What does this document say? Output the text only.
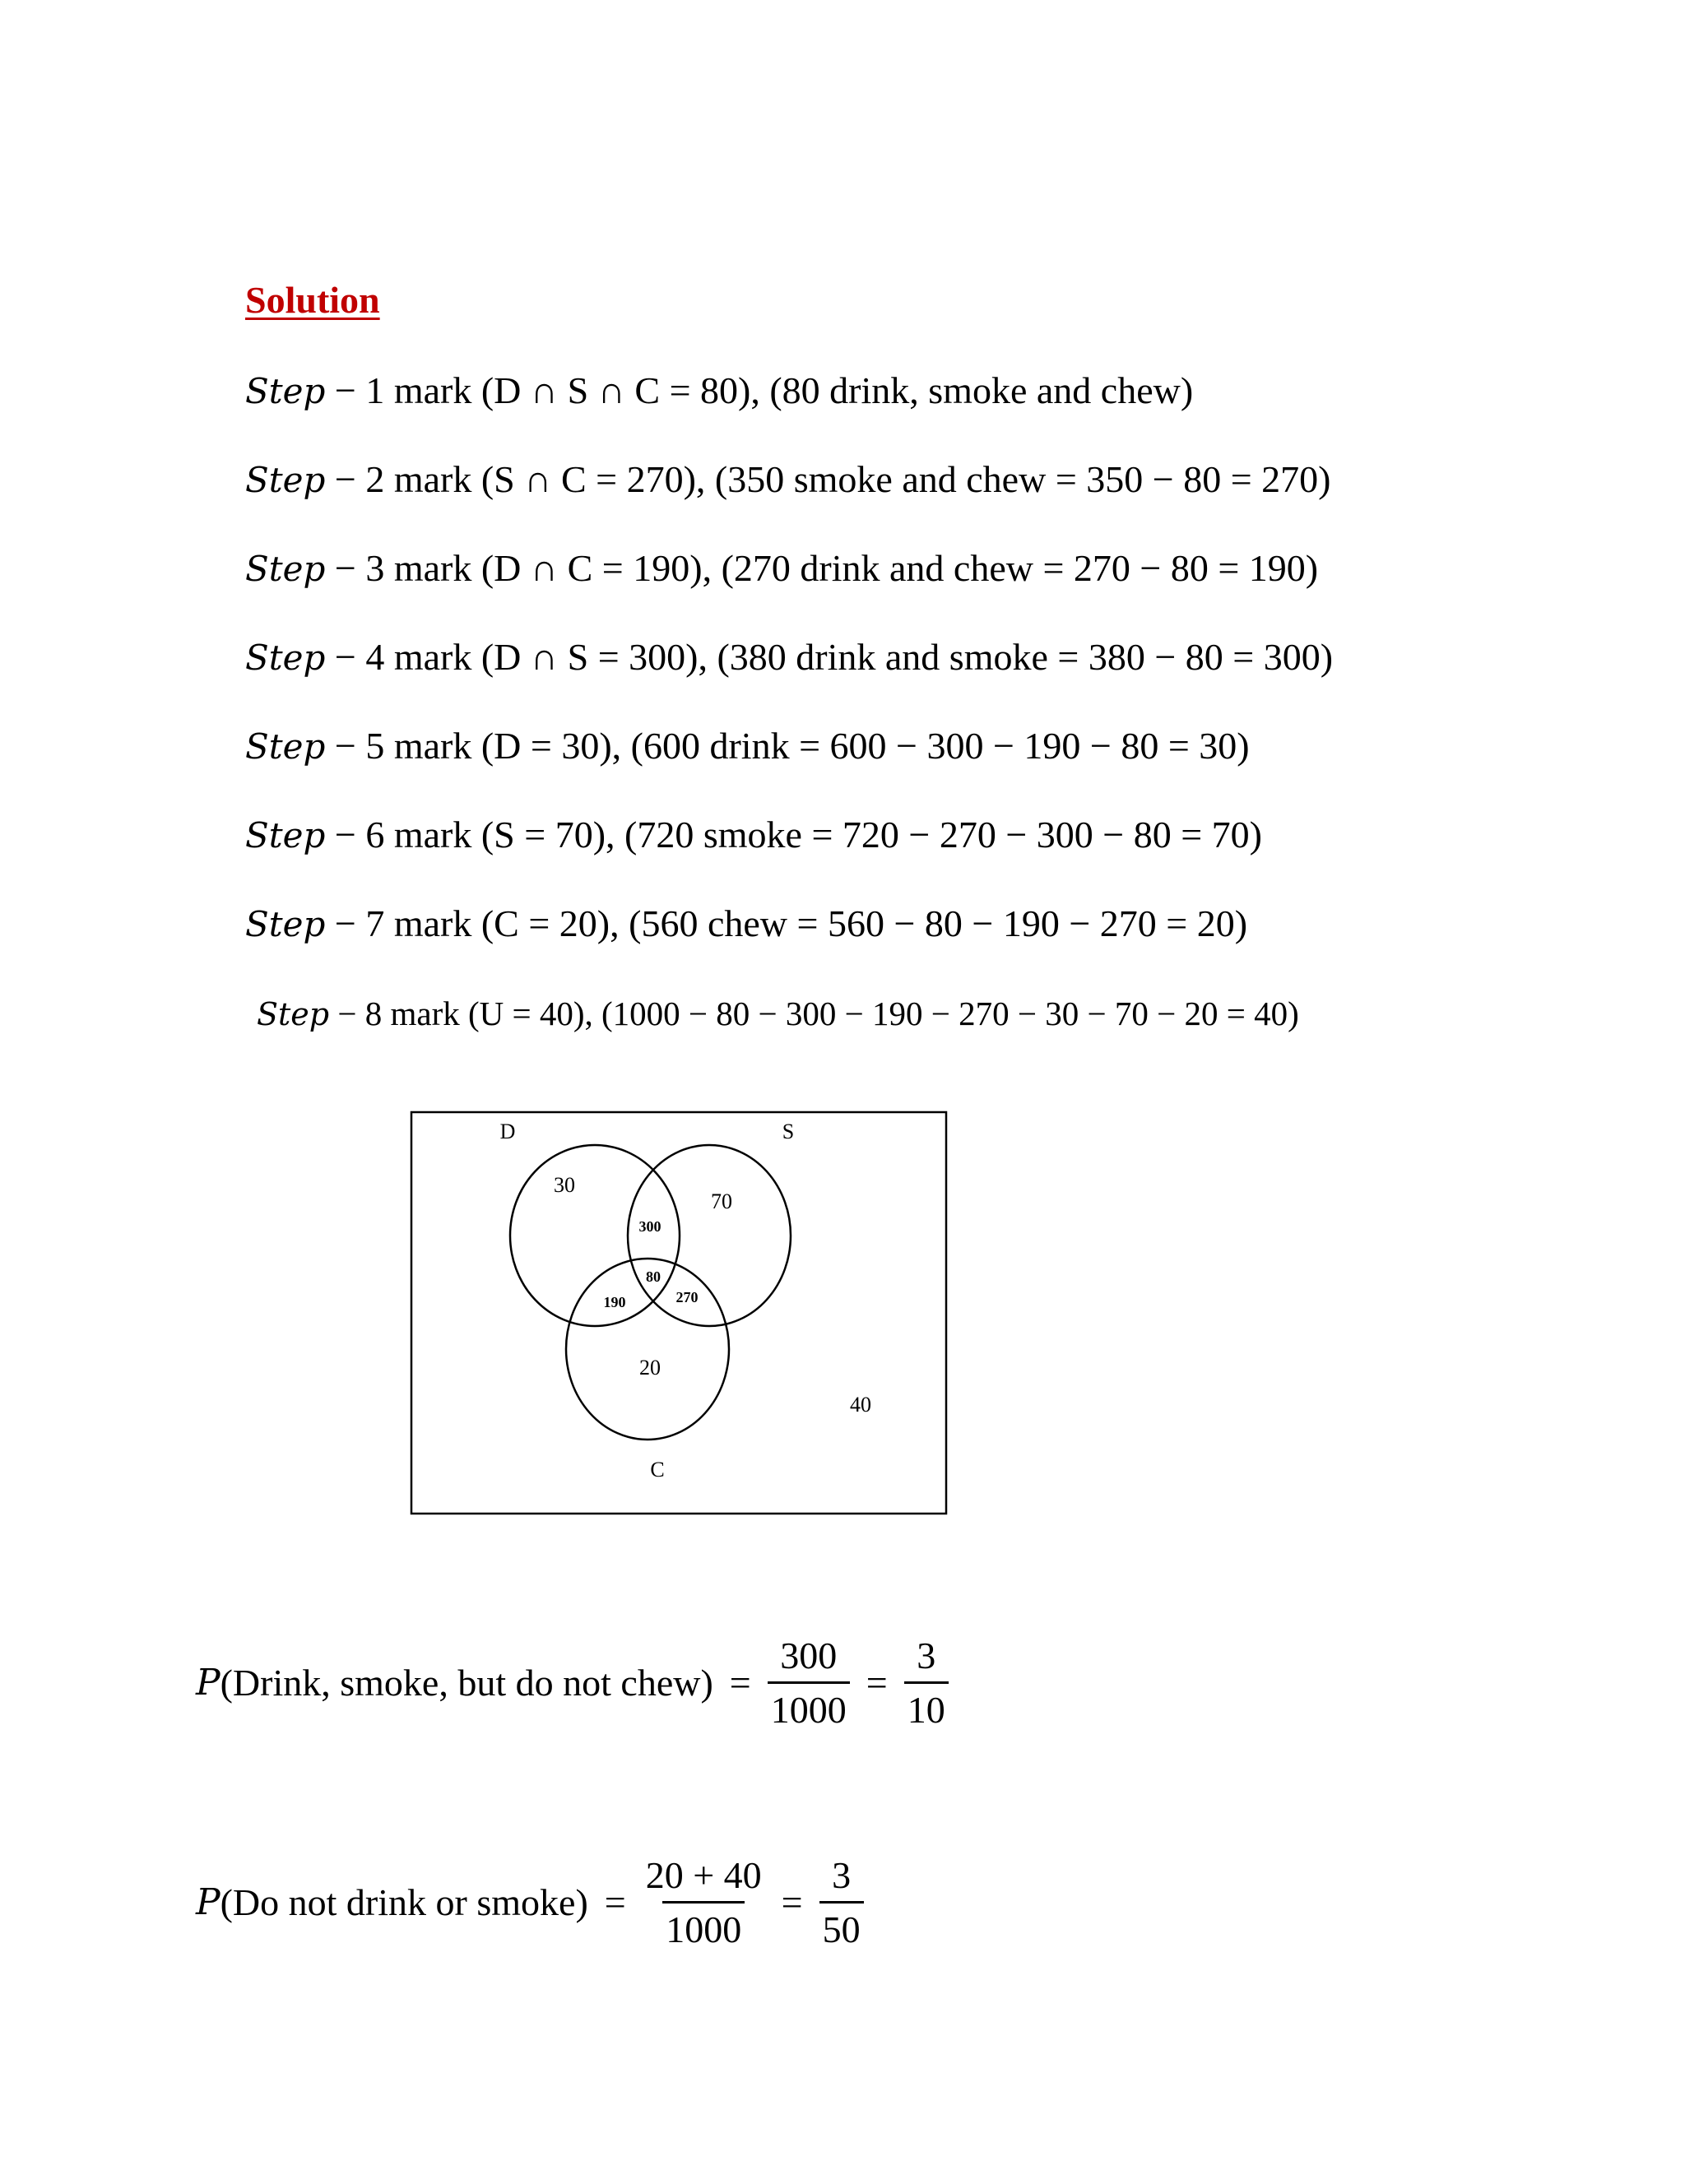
Solution
Step − 1 mark (D ∩ S ∩ C = 80), (80 drink, smoke and chew)
Step − 2 mark (S ∩ C = 270), (350 smoke and chew = 350 − 80 = 270)
Step − 3 mark (D ∩ C = 190), (270 drink and chew = 270 − 80 = 190)
Step − 4 mark (D ∩ S = 300), (380 drink and smoke = 380 − 80 = 300)
Step − 5 mark (D = 30), (600 drink = 600 − 300 − 190 − 80 = 30)
Step − 6 mark (S = 70), (720 smoke = 720 − 270 − 300 − 80 = 70)
Step − 7 mark (C = 20), (560 chew = 560 − 80 − 190 − 270 = 20)
Step − 8 mark (U = 40), (1000 − 80 − 300 − 190 − 270 − 30 − 70 − 20 = 40)
D	S
C
30
70
20
300
80
190	270
40
P (Drink, smoke, but do not chew) = $\frac{300}{1000} = \frac{3}{10}$
P (Do not drink or smoke) = $\frac{20 + 40}{1000} = \frac{3}{50}$
